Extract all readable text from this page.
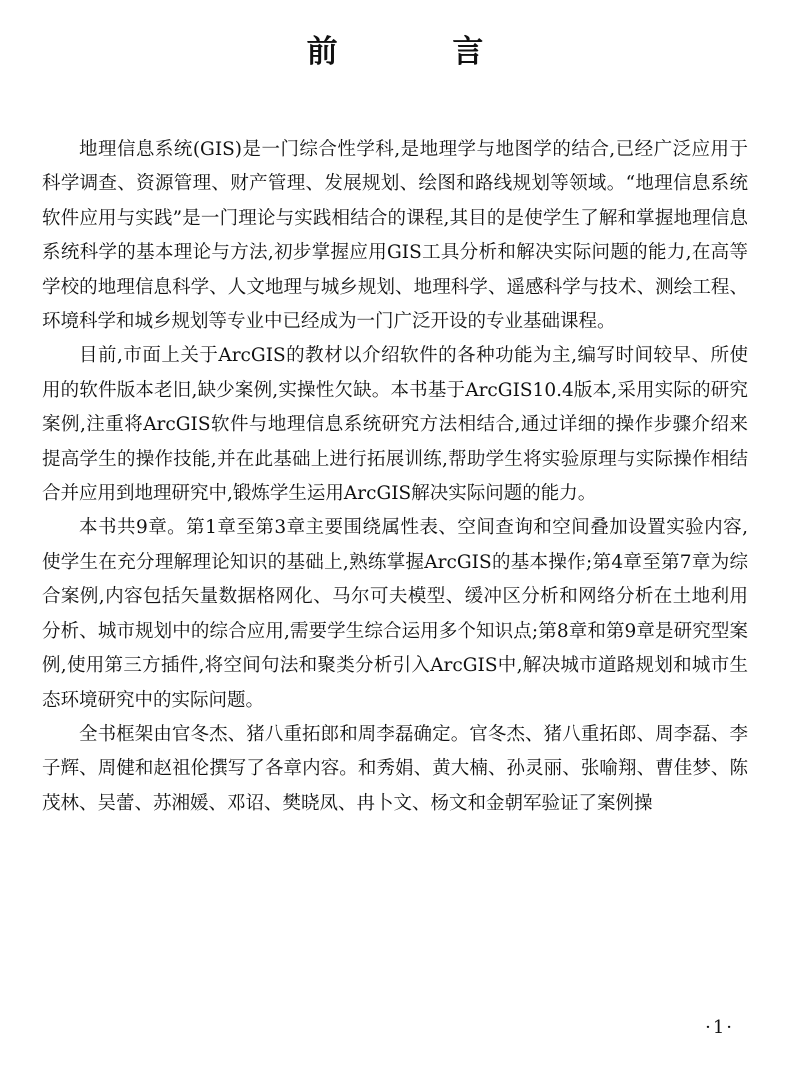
前 言

地理信息系统(GIS)是一门综合性学科,是地理学与地图学的结合,已经广泛应用于科学调查、资源管理、财产管理、发展规划、绘图和路线规划等领域。“地理信息系统软件应用与实践”是一门理论与实践相结合的课程,其目的是使学生了解和掌握地理信息系统科学的基本理论与方法,初步掌握应用GIS工具分析和解决实际问题的能力,在高等学校的地理信息科学、人文地理与城乡规划、地理科学、遥感科学与技术、测绘工程、环境科学和城乡规划等专业中已经成为一门广泛开设的专业基础课程。

目前,市面上关于ArcGIS的教材以介绍软件的各种功能为主,编写时间较早、所使用的软件版本老旧,缺少案例,实操性欠缺。本书基于ArcGIS10.4版本,采用实际的研究案例,注重将ArcGIS软件与地理信息系统研究方法相结合,通过详细的操作步骤介绍来提高学生的操作技能,并在此基础上进行拓展训练,帮助学生将实验原理与实际操作相结合并应用到地理研究中,锻炼学生运用ArcGIS解决实际问题的能力。

本书共9章。第1章至第3章主要围绕属性表、空间查询和空间叠加设置实验内容,使学生在充分理解理论知识的基础上,熟练掌握ArcGIS的基本操作;第4章至第7章为综合案例,内容包括矢量数据格网化、马尔可夫模型、缓冲区分析和网络分析在土地利用分析、城市规划中的综合应用,需要学生综合运用多个知识点;第8章和第9章是研究型案例,使用第三方插件,将空间句法和聚类分析引入ArcGIS中,解决城市道路规划和城市生态环境研究中的实际问题。

全书框架由官冬杰、猪八重拓郎和周李磊确定。官冬杰、猪八重拓郎、周李磊、李子辉、周健和赵祖伦撰写了各章内容。和秀娟、黄大楠、孙灵丽、张喻翔、曹佳梦、陈茂林、吴蕾、苏湘媛、邓诏、樊晓凤、冉卜文、杨文和金朝军验证了案例操

·1·
